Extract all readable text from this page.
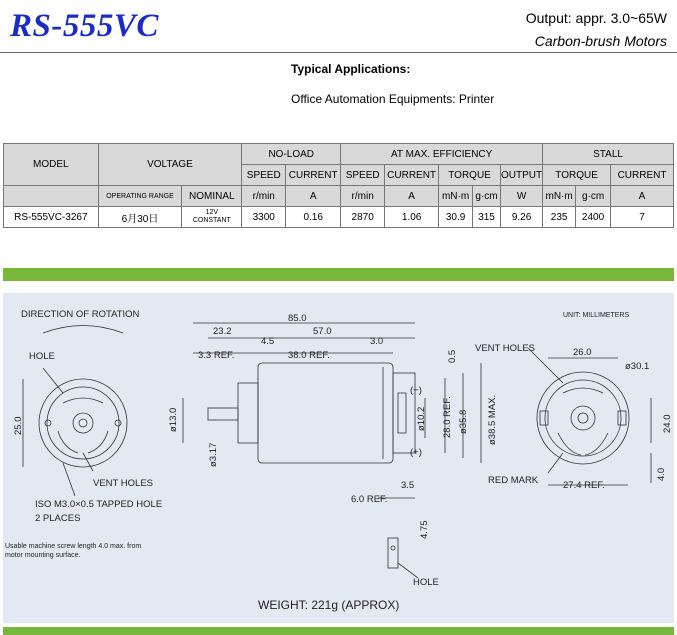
RS-555VC	Output: appr. 3.0~65W
Carbon-brush Motors
Typical Applications:
Office Automation Equipments: Printer
MODEL	VOLTAGE		NO-LOAD		AT MAX. EFFICIENCY					STALL		
			SPEED	CURRENT	SPEED	CURRENT	TORQUE		OUTPUT	TORQUE		CURRENT
	OPERATING RANGE	NOMINAL	r/min	A	r/min	A	mN·m	g·cm	W	mN·m	g·cm	A
RS-555VC-3267	6月30日	12V
CONSTANT	3300	0.16	2870	1.06	30.9	315	9.26	235	2400	7
UNIT: MILLIMETERS
DIRECTION OF ROTATION
HOLE
VENT HOLES
ISO M3.0×0.5 TAPPED HOLE
2 PLACES
Usable machine screw length 4.0 max. from
motor mounting surface.
25.0
85.0
23.2	57.0
4.5
3.3 REF.	38.0 REF.
3.0
0.5
ø13.0
ø3.17
ø10.2 28.0 REF. ø35.8 ø38.5 MAX.
(−)
(+)
3.5
6.0 REF.
4.75
HOLE
VENT HOLES	26.0
ø30.1
24.0
4.0
RED MARK	27.4 REF.
WEIGHT: 221g (APPROX)
